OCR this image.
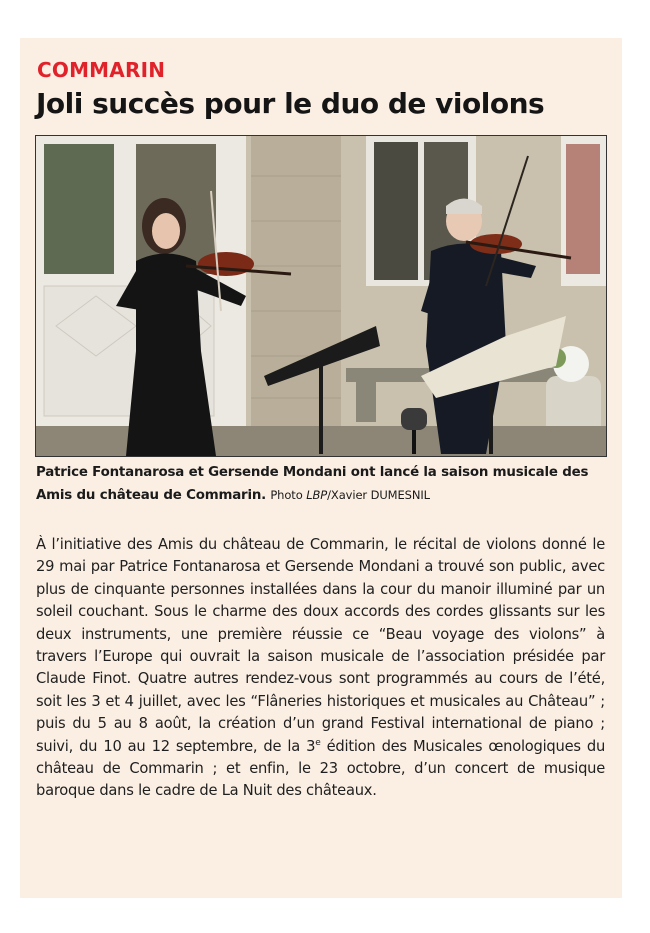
COMMARIN
Joli succès pour le duo de violons

Patrice Fontanarosa et Gersende Mondani ont lancé la saison musicale des Amis du château de Commarin. Photo LBP/Xavier DUMESNIL

À l’initiative des Amis du château de Commarin, le récital de violons donné le 29 mai par Patrice Fontanarosa et Gersende Mondani a trouvé son public, avec plus de cinquante personnes installées dans la cour du manoir illuminé par un soleil couchant. Sous le charme des doux accords des cordes glissants sur les deux instruments, une première réussie ce “Beau voyage des violons” à travers l’Europe qui ouvrait la saison musicale de l’association présidée par Claude Finot. Quatre autres rendez-vous sont programmés au cours de l’été, soit les 3 et 4 juillet, avec les “Flâneries historiques et musicales au Château” ; puis du 5 au 8 août, la création d’un grand Festival international de piano ; suivi, du 10 au 12 septembre, de la 3e édition des Musicales œnologiques du château de Commarin ; et enfin, le 23 octobre, d’un concert de musique baroque dans le cadre de La Nuit des châteaux.
